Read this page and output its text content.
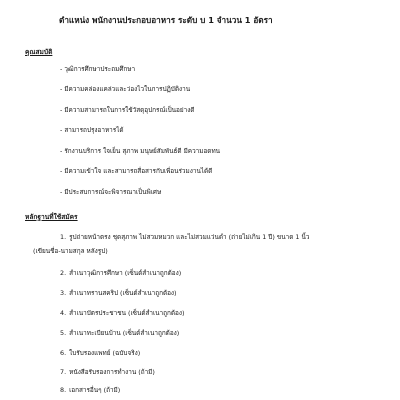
ตำแหน่ง พนักงานประกอบอาหาร ระดับ บ 1 จำนวน 1 อัตรา
คุณสมบัติ
- วุฒิการศึกษาประถมศึกษา
- มีความคล่องแคล่วและว่องไวในการปฏิบัติงาน
- มีความสามารถในการใช้วัสดุอุปกรณ์เป็นอย่างดี
- สามารถปรุงอาหารได้
- รักงานบริการ ใจเย็น สุภาพ มนุษย์สัมพันธ์ดี มีความอดทน
- มีความเข้าใจ และสามารถสื่อสารกับเพื่อนร่วมงานได้ดี
- มีประสบการณ์จะพิจารณาเป็นพิเศษ
หลักฐานที่ใช้สมัคร
1. รูปถ่ายหน้าตรง ชุดสุภาพ ไม่สวมหมวก และไม่สวมแว่นดำ (ถ่ายไม่เกิน 1 ปี) ขนาด 1 นิ้ว
(เขียนชื่อ-นามสกุล หลังรูป)
2. สำเนาวุฒิการศึกษา (เซ็นต์สำเนาถูกต้อง)
3. สำเนาทรานสคริป (เซ็นต์สำเนาถูกต้อง)
4. สำเนาบัตรประชาชน (เซ็นต์สำเนาถูกต้อง)
5. สำเนาทะเบียนบ้าน (เซ็นต์สำเนาถูกต้อง)
6. ใบรับรองแพทย์ (ฉบับจริง)
7. หนังสือรับรองการทำงาน (ถ้ามี)
8. เอกสารอื่นๆ (ถ้ามี)
